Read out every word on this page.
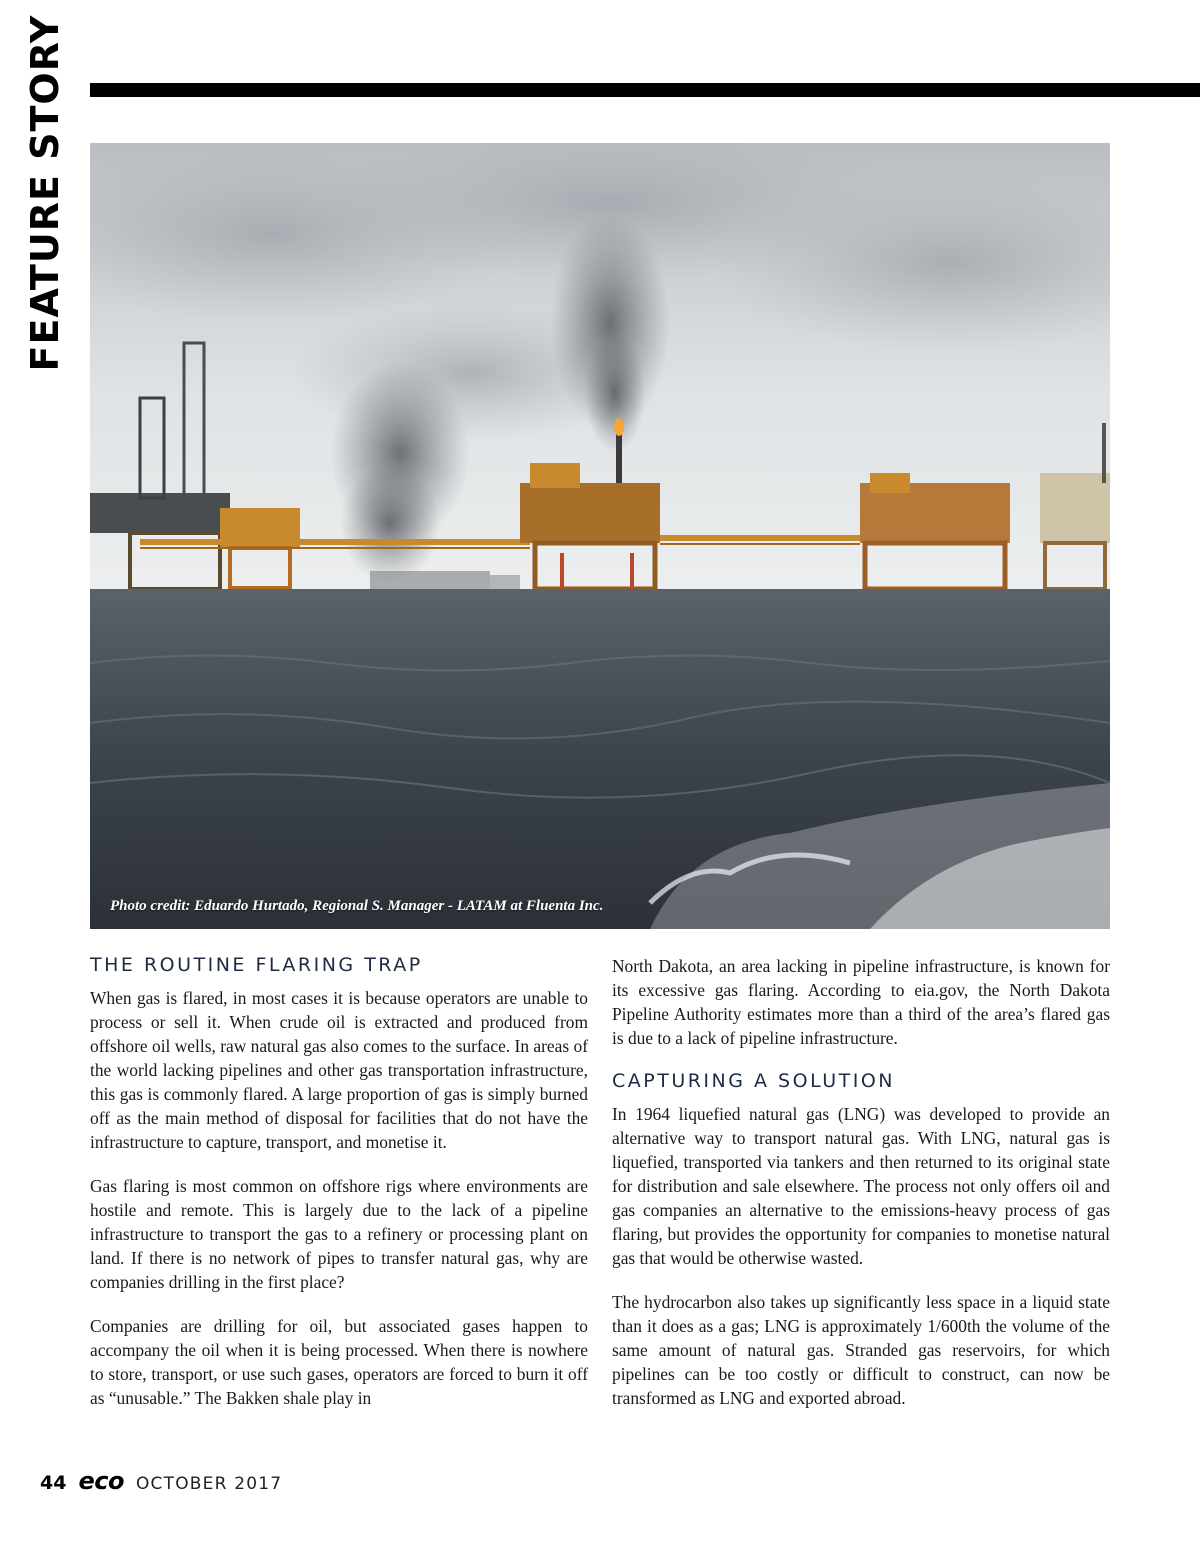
FEATURE STORY
Photo credit: Eduardo Hurtado, Regional S. Manager - LATAM at Fluenta Inc.
THE ROUTINE FLARING TRAP

When gas is flared, in most cases it is because operators are unable to process or sell it. When crude oil is extracted and produced from offshore oil wells, raw natural gas also comes to the surface. In areas of the world lacking pipelines and other gas transportation infrastructure, this gas is commonly flared. A large proportion of gas is simply burned off as the main method of disposal for facilities that do not have the infrastructure to capture, transport, and monetise it.

Gas flaring is most common on offshore rigs where environments are hostile and remote. This is largely due to the lack of a pipeline infrastructure to transport the gas to a refinery or processing plant on land. If there is no network of pipes to transfer natural gas, why are companies drilling in the first place?

Companies are drilling for oil, but associated gases happen to accompany the oil when it is being processed. When there is nowhere to store, transport, or use such gases, operators are forced to burn it off as “unusable.” The Bakken shale play in

North Dakota, an area lacking in pipeline infrastructure, is known for its excessive gas flaring. According to eia.gov, the North Dakota Pipeline Authority estimates more than a third of the area’s flared gas is due to a lack of pipeline infrastructure.

CAPTURING A SOLUTION

In 1964 liquefied natural gas (LNG) was developed to provide an alternative way to transport natural gas. With LNG, natural gas is liquefied, transported via tankers and then returned to its original state for distribution and sale elsewhere. The process not only offers oil and gas companies an alternative to the emissions-heavy process of gas flaring, but provides the opportunity for companies to monetise natural gas that would be otherwise wasted.

The hydrocarbon also takes up significantly less space in a liquid state than it does as a gas; LNG is approximately 1/600th the volume of the same amount of natural gas. Stranded gas reservoirs, for which pipelines can be too costly or difficult to construct, can now be transformed as LNG and exported abroad.

44 eco OCTOBER 2017
